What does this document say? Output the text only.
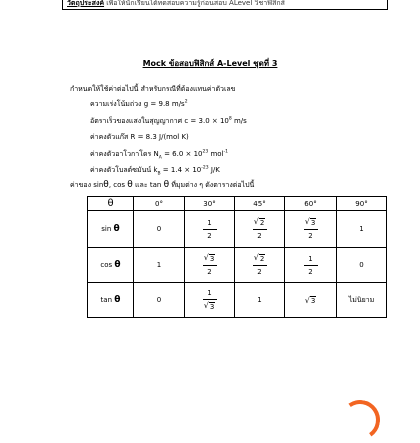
วัตถุประสงค์ เพื่อให้นักเรียนได้ทดสอบความรู้ก่อนสอบ ALevel วิชาฟิสิกส์
Mock ข้อสอบฟิสิกส์ A-Level ชุดที่ 3
กำหนดให้ใช้ค่าต่อไปนี้ สำหรับกรณีที่ต้องแทนค่าตัวเลข
ความเร่งโน้มถ่วง g = 9.8 $m/s^2$
อัตราเร็วของแสงในสุญญากาศ $c = 3.0 \times 10^8$ m/s
ค่าคงตัวแก๊ส R = 8.3 J/(mol K)
ค่าคงตัวอาโวกาโดร $N_A = 6.0 \times 10^{23}$ mol$^{-1}$
ค่าคงตัวโบลต์ซมันน์ $k_B = 1.4 \times 10^{-23}$ J/K
ค่าของ sinθ, cos θ และ tan θ ที่มุมต่าง ๆ ดังตารางต่อไปนี้
θ	0°	30°	45°	60°	90°
sin θ	0	$\frac{1}{2}$	$\frac{√ 2}{2}$	$\frac{√ 3}{2}$	1
cos θ	1	$\frac{√ 3}{2}$	$\frac{√ 2}{2}$	$\frac{1}{2}$	0
tan θ	0	$\frac{1}{√ 3}$	1	√ 3	ไม่นิยาม
